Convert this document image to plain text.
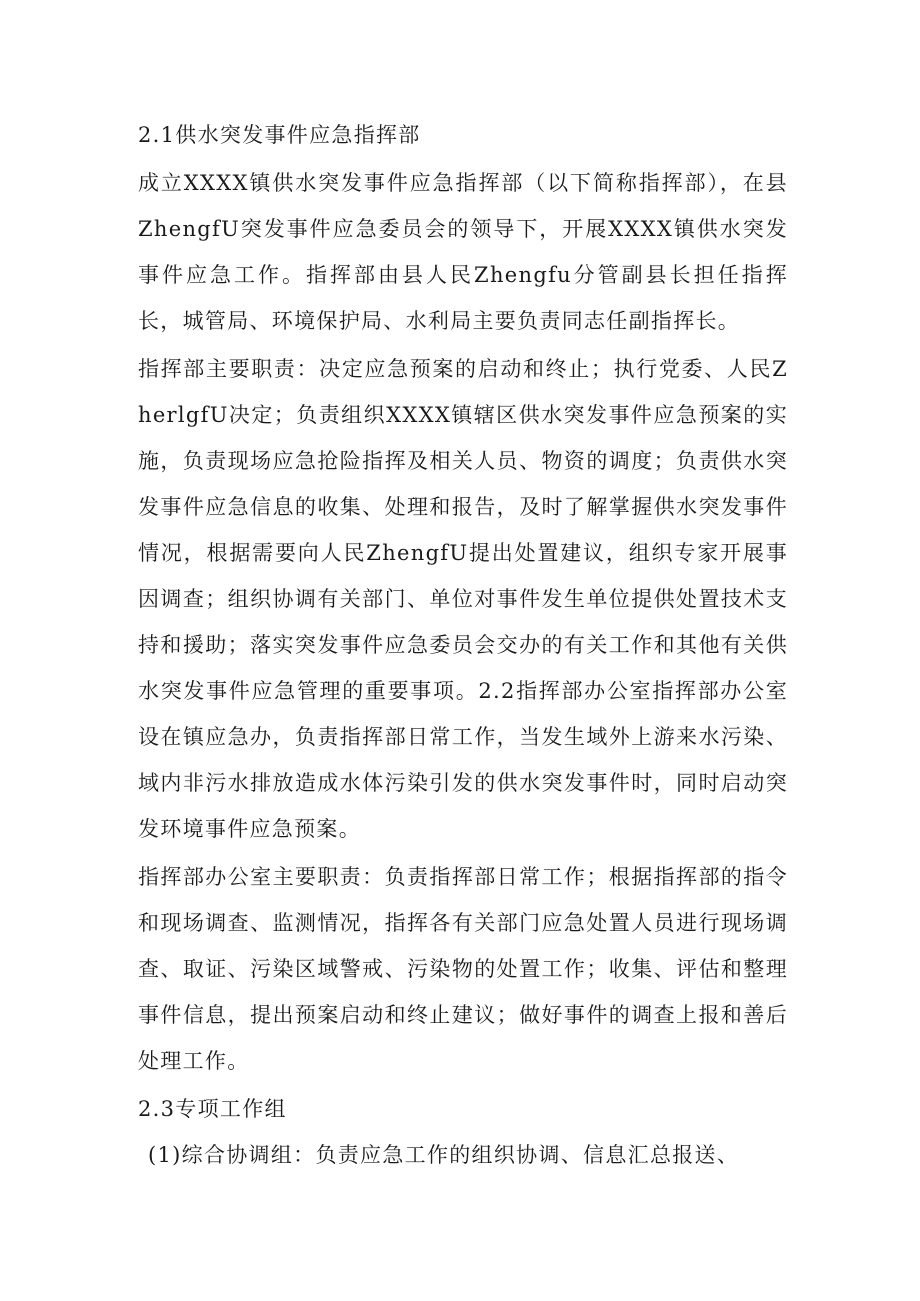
2.1供水突发事件应急指挥部

成立XXXX镇供水突发事件应急指挥部（以下简称指挥部），在县ZhengfU突发事件应急委员会的领导下，开展XXXX镇供水突发事件应急工作。指挥部由县人民Zhengfu分管副县长担任指挥长，城管局、环境保护局、水利局主要负责同志任副指挥长。

指挥部主要职责：决定应急预案的启动和终止；执行党委、人民ZherlgfU决定；负责组织XXXX镇辖区供水突发事件应急预案的实施，负责现场应急抢险指挥及相关人员、物资的调度；负责供水突发事件应急信息的收集、处理和报告，及时了解掌握供水突发事件情况，根据需要向人民ZhengfU提出处置建议，组织专家开展事因调查；组织协调有关部门、单位对事件发生单位提供处置技术支持和援助；落实突发事件应急委员会交办的有关工作和其他有关供水突发事件应急管理的重要事项。2.2指挥部办公室指挥部办公室设在镇应急办，负责指挥部日常工作，当发生域外上游来水污染、域内非污水排放造成水体污染引发的供水突发事件时，同时启动突发环境事件应急预案。

指挥部办公室主要职责：负责指挥部日常工作；根据指挥部的指令和现场调查、监测情况，指挥各有关部门应急处置人员进行现场调查、取证、污染区域警戒、污染物的处置工作；收集、评估和整理事件信息，提出预案启动和终止建议；做好事件的调查上报和善后处理工作。

2.3专项工作组

(1)综合协调组：负责应急工作的组织协调、信息汇总报送、
